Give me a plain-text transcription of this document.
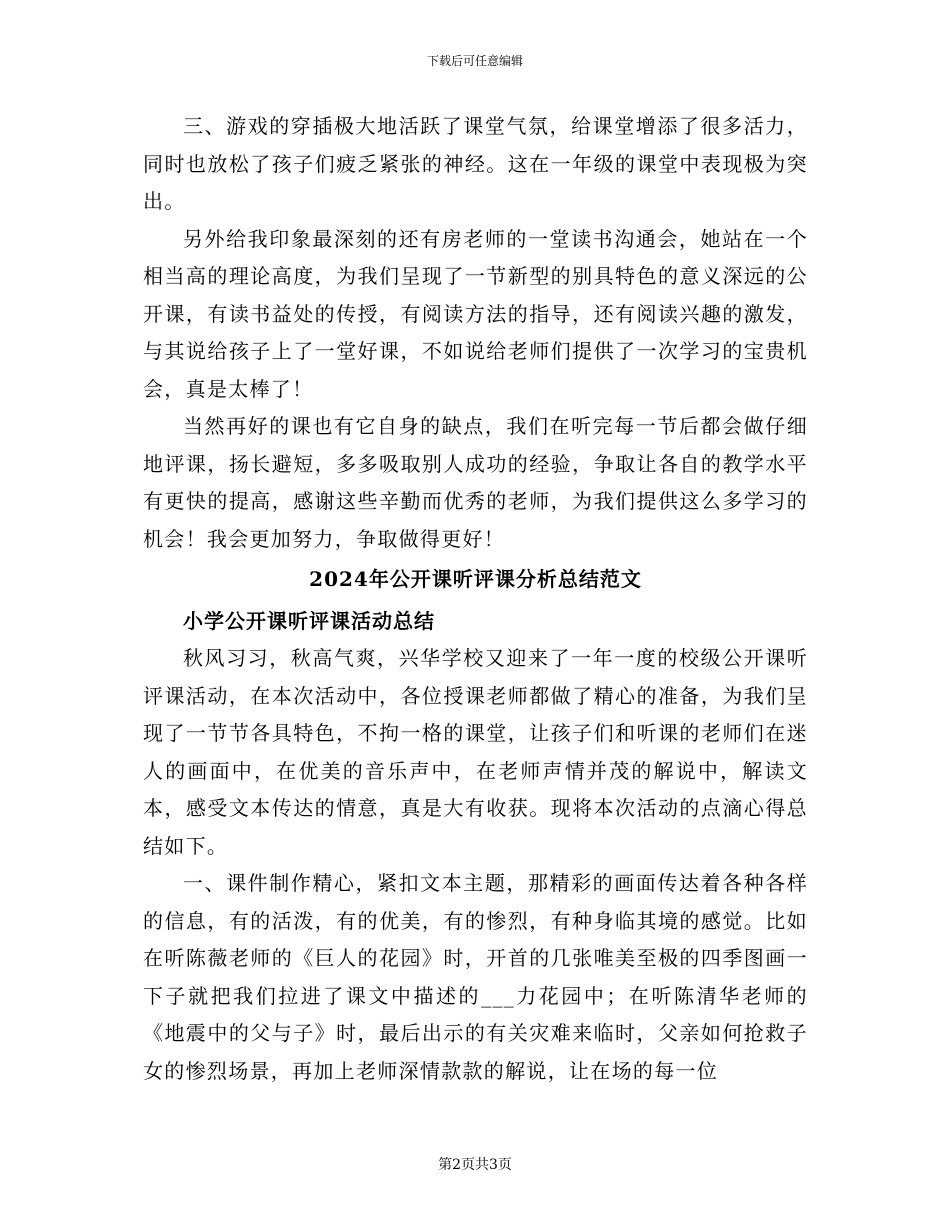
下载后可任意编辑

三、游戏的穿插极大地活跃了课堂气氛，给课堂增添了很多活力，同时也放松了孩子们疲乏紧张的神经。这在一年级的课堂中表现极为突出。

另外给我印象最深刻的还有房老师的一堂读书沟通会，她站在一个相当高的理论高度，为我们呈现了一节新型的别具特色的意义深远的公开课，有读书益处的传授，有阅读方法的指导，还有阅读兴趣的激发，与其说给孩子上了一堂好课，不如说给老师们提供了一次学习的宝贵机会，真是太棒了！

当然再好的课也有它自身的缺点，我们在听完每一节后都会做仔细地评课，扬长避短，多多吸取别人成功的经验，争取让各自的教学水平有更快的提高，感谢这些辛勤而优秀的老师，为我们提供这么多学习的机会！我会更加努力，争取做得更好！

2024年公开课听评课分析总结范文
小学公开课听评课活动总结

秋风习习，秋高气爽，兴华学校又迎来了一年一度的校级公开课听评课活动，在本次活动中，各位授课老师都做了精心的准备，为我们呈现了一节节各具特色，不拘一格的课堂，让孩子们和听课的老师们在迷人的画面中，在优美的音乐声中，在老师声情并茂的解说中，解读文本，感受文本传达的情意，真是大有收获。现将本次活动的点滴心得总结如下。

一、课件制作精心，紧扣文本主题，那精彩的画面传达着各种各样的信息，有的活泼，有的优美，有的惨烈，有种身临其境的感觉。比如在听陈薇老师的《巨人的花园》时，开首的几张唯美至极的四季图画一下子就把我们拉进了课文中描述的___力花园中；在听陈清华老师的《地震中的父与子》时，最后出示的有关灾难来临时，父亲如何抢救子女的惨烈场景，再加上老师深情款款的解说，让在场的每一位

第2页共3页
